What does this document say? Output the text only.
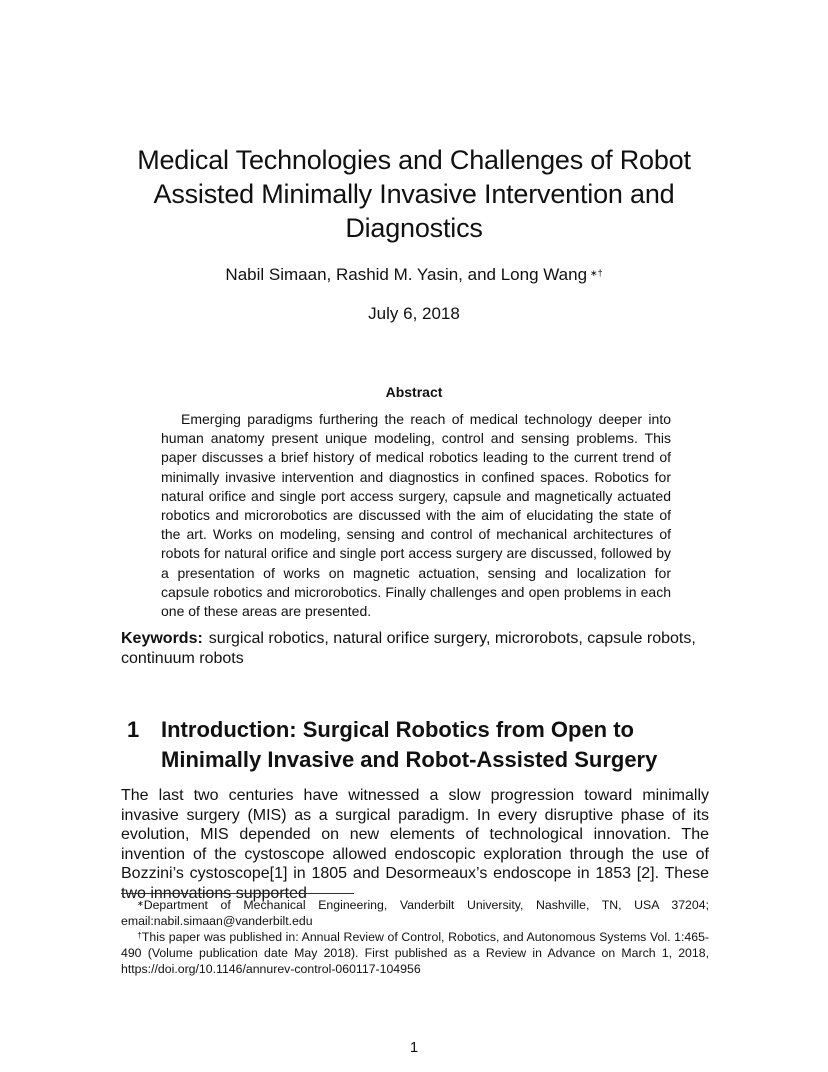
Medical Technologies and Challenges of Robot
Assisted Minimally Invasive Intervention and
Diagnostics
Nabil Simaan, Rashid M. Yasin, and Long Wang ∗†
July 6, 2018
Abstract

Emerging paradigms furthering the reach of medical technology deeper into human anatomy present unique modeling, control and sensing problems. This paper discusses a brief history of medical robotics leading to the current trend of minimally invasive intervention and diagnostics in confined spaces. Robotics for natural orifice and single port access surgery, capsule and magnetically actuated robotics and microrobotics are discussed with the aim of elucidating the state of the art. Works on modeling, sensing and control of mechanical architectures of robots for natural orifice and single port access surgery are discussed, followed by a presentation of works on magnetic actuation, sensing and localization for capsule robotics and microrobotics. Finally challenges and open problems in each one of these areas are presented.

Keywords: surgical robotics, natural orifice surgery, microrobots, capsule robots, continuum robots

1 Introduction: Surgical Robotics from Open to
Minimally Invasive and Robot-Assisted Surgery

The last two centuries have witnessed a slow progression toward minimally invasive surgery (MIS) as a surgical paradigm. In every disruptive phase of its evolution, MIS depended on new elements of technological innovation. The invention of the cystoscope allowed endoscopic exploration through the use of Bozzini’s cystoscope[1] in 1805 and Desormeaux’s endoscope in 1853 [2]. These two innovations supported

∗Department of Mechanical Engineering, Vanderbilt University, Nashville, TN, USA 37204; email:nabil.simaan@vanderbilt.edu

†This paper was published in: Annual Review of Control, Robotics, and Autonomous Systems Vol. 1:465-490 (Volume publication date May 2018). First published as a Review in Advance on March 1, 2018, https://doi.org/10.1146/annurev-control-060117-104956

1
